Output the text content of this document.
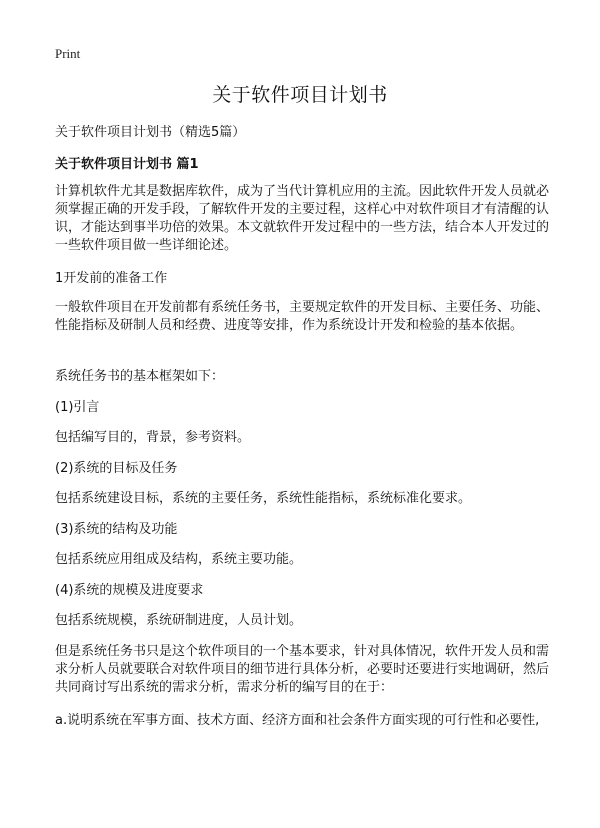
Print
关于软件项目计划书
关于软件项目计划书（精选5篇）
关于软件项目计划书 篇1

计算机软件尤其是数据库软件，成为了当代计算机应用的主流。因此软件开发人员就必须掌握正确的开发手段，了解软件开发的主要过程，这样心中对软件项目才有清醒的认识，才能达到事半功倍的效果。本文就软件开发过程中的一些方法，结合本人开发过的一些软件项目做一些详细论述。

1开发前的准备工作

一般软件项目在开发前都有系统任务书，主要规定软件的开发目标、主要任务、功能、性能指标及研制人员和经费、进度等安排，作为系统设计开发和检验的基本依据。

系统任务书的基本框架如下：

(1)引言

包括编写目的，背景，参考资料。

(2)系统的目标及任务

包括系统建设目标，系统的主要任务，系统性能指标，系统标准化要求。

(3)系统的结构及功能

包括系统应用组成及结构，系统主要功能。

(4)系统的规模及进度要求

包括系统规模，系统研制进度，人员计划。

但是系统任务书只是这个软件项目的一个基本要求，针对具体情况，软件开发人员和需求分析人员就要联合对软件项目的细节进行具体分析，必要时还要进行实地调研，然后共同商讨写出系统的需求分析，需求分析的编写目的在于：

a.说明系统在军事方面、技术方面、经济方面和社会条件方面实现的可行性和必要性,
